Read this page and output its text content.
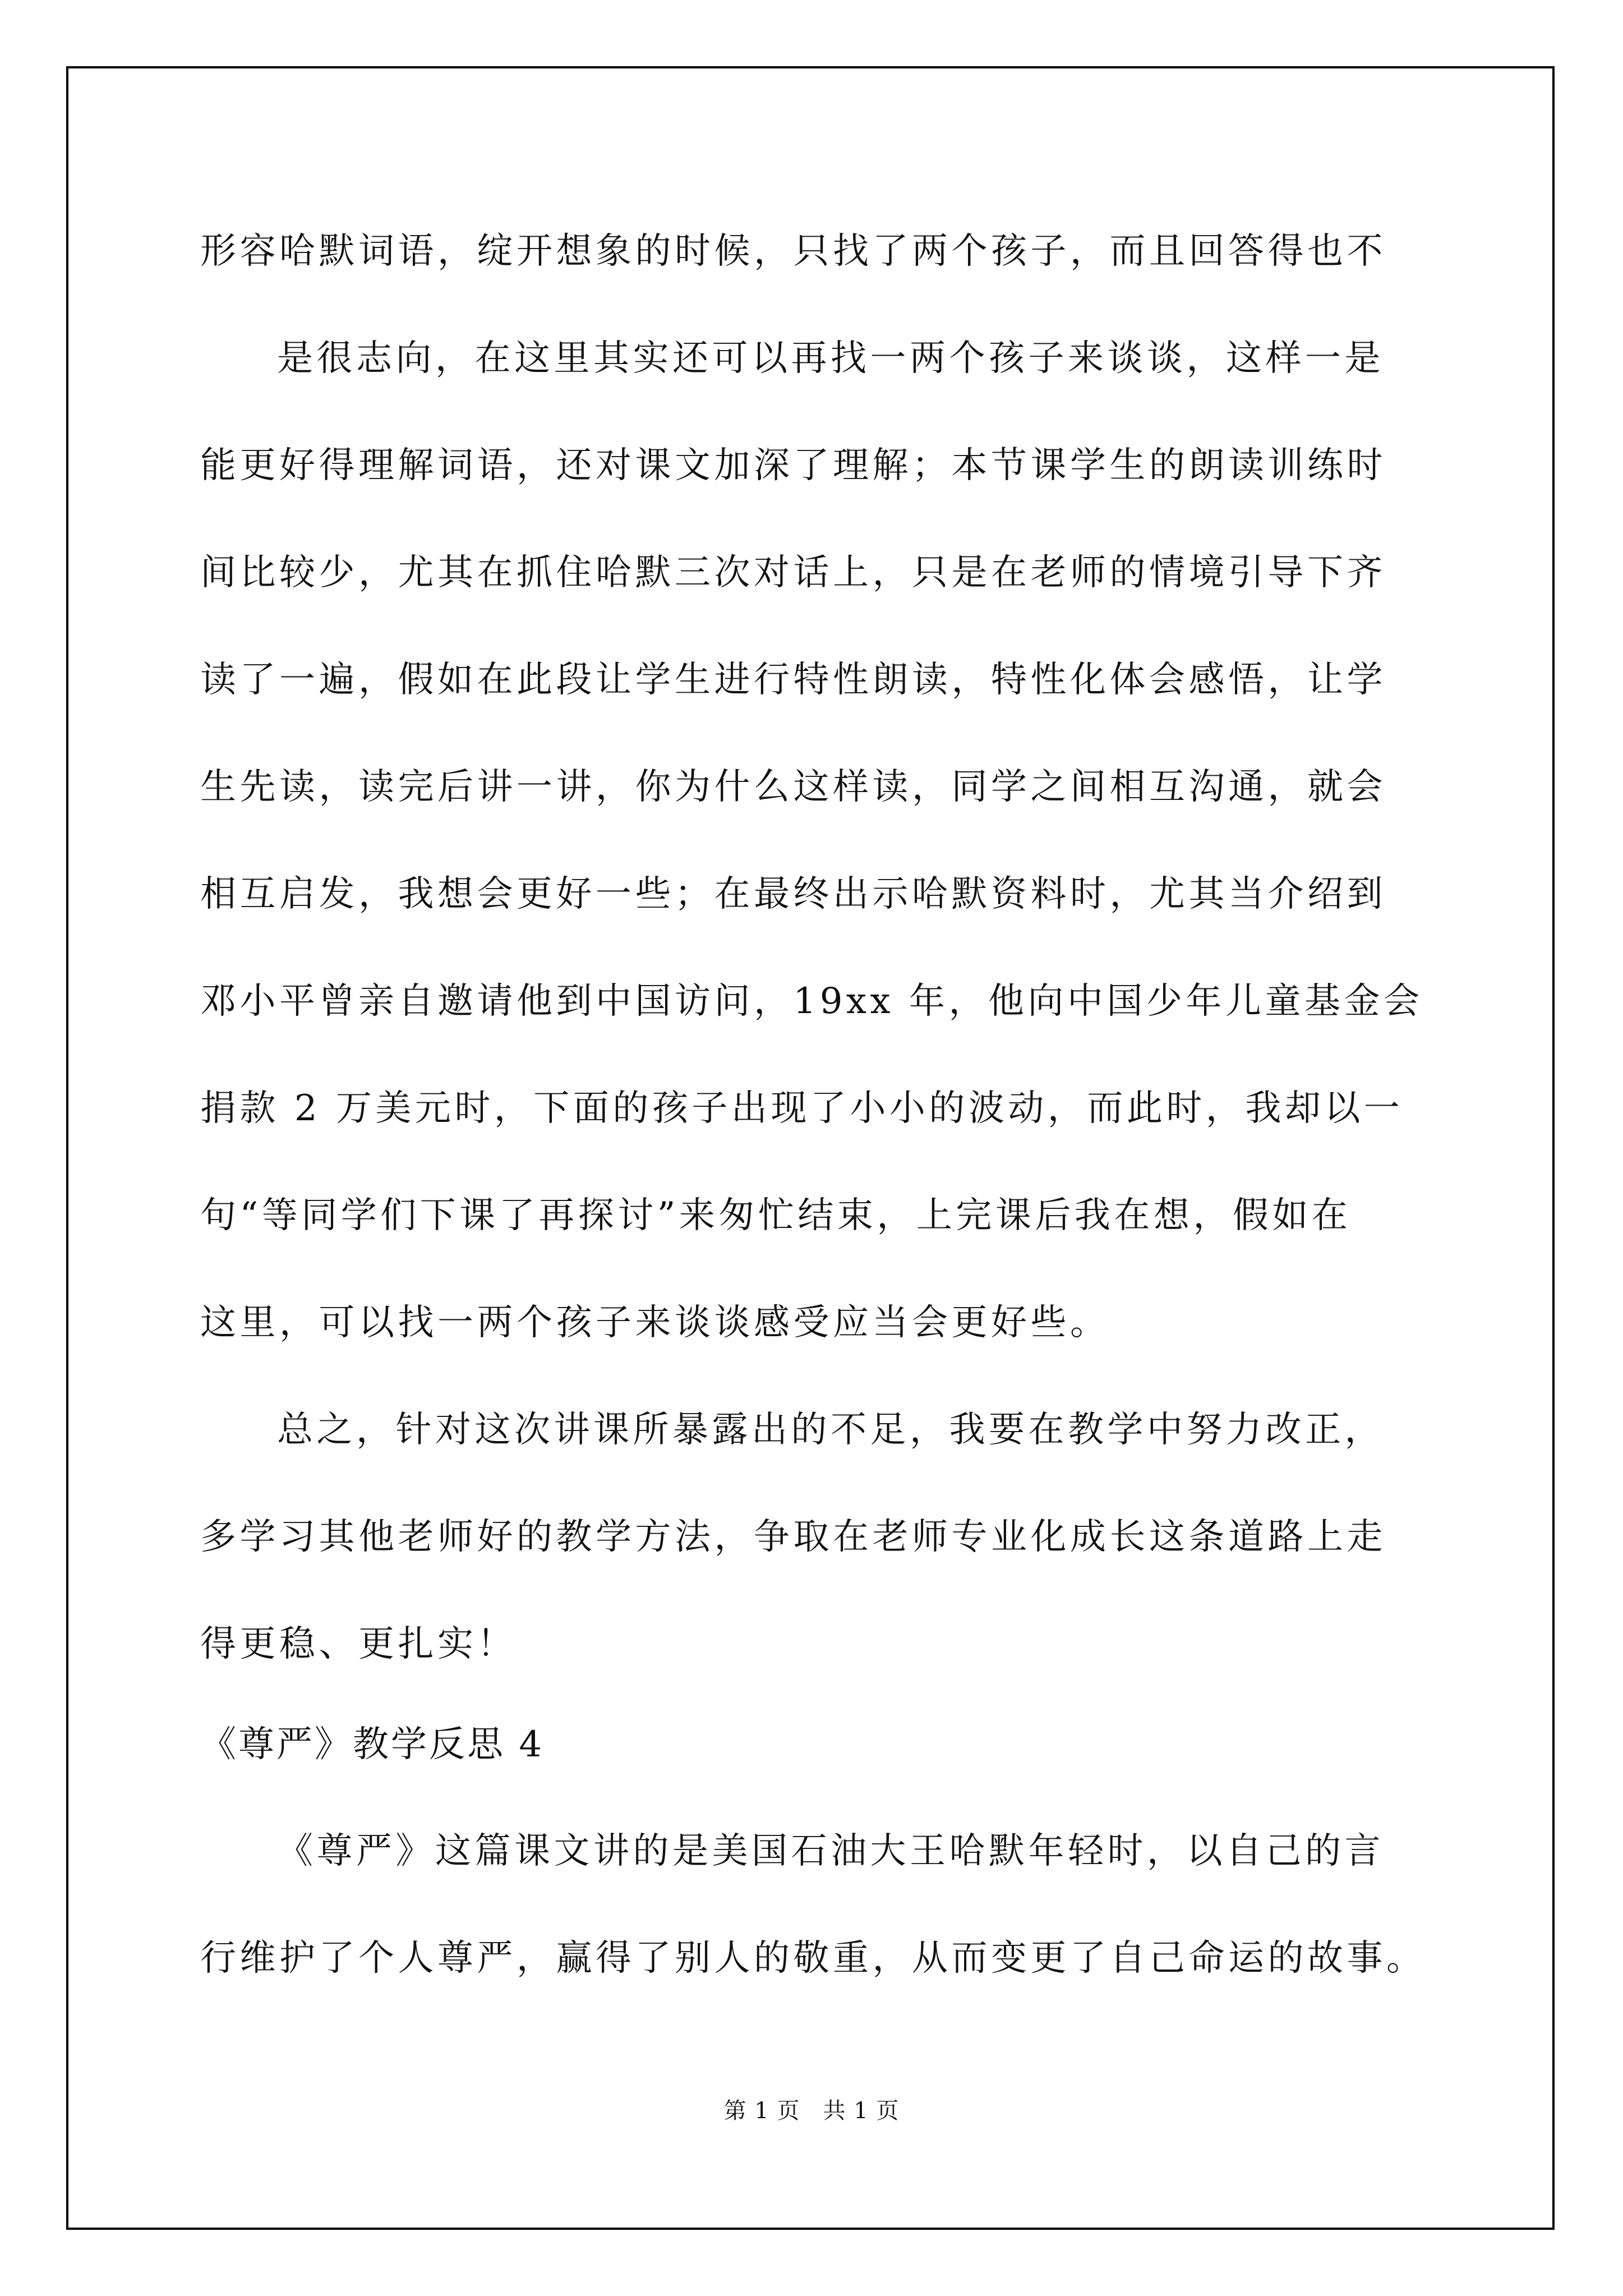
形容哈默词语，绽开想象的时候，只找了两个孩子，而且回答得也不
是很志向，在这里其实还可以再找一两个孩子来谈谈，这样一是
能更好得理解词语，还对课文加深了理解；本节课学生的朗读训练时
间比较少，尤其在抓住哈默三次对话上，只是在老师的情境引导下齐
读了一遍，假如在此段让学生进行特性朗读，特性化体会感悟，让学
生先读，读完后讲一讲，你为什么这样读，同学之间相互沟通，就会
相互启发，我想会更好一些；在最终出示哈默资料时，尤其当介绍到
邓小平曾亲自邀请他到中国访问，19xx 年，他向中国少年儿童基金会
捐款 2 万美元时，下面的孩子出现了小小的波动，而此时，我却以一
句“等同学们下课了再探讨”来匆忙结束，上完课后我在想，假如在
这里，可以找一两个孩子来谈谈感受应当会更好些。
总之，针对这次讲课所暴露出的不足，我要在教学中努力改正，
多学习其他老师好的教学方法，争取在老师专业化成长这条道路上走
得更稳、更扎实！
《尊严》教学反思 4
《尊严》这篇课文讲的是美国石油大王哈默年轻时，以自己的言
行维护了个人尊严，赢得了别人的敬重，从而变更了自己命运的故事。
第 1 页　共 1 页
